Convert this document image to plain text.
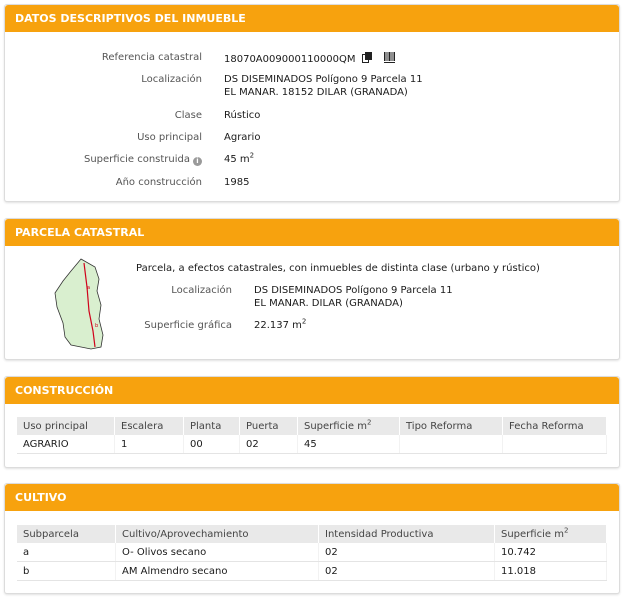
DATOS DESCRIPTIVOS DEL INMUEBLE
Referencia catastral 18070A009000110000QM
Localización DS DISEMINADOS Polígono 9 Parcela 11
EL MANAR. 18152 DILAR (GRANADA)
Clase Rústico
Uso principal Agrario
Superficie construida i	45 $m^2$
Año construcción 1985
PARCELA CATASTRAL
a
b
Parcela, a efectos catastrales, con inmuebles de distinta clase (urbano y rústico)
Localización DS DISEMINADOS Polígono 9 Parcela 11
EL MANAR. DILAR (GRANADA)
Superficie gráfica 22.137 $m^2$
CONSTRUCCIÓN
Uso principal	Escalera	Planta	Puerta	Superficie $m^2$	Tipo Reforma	Fecha Reforma
AGRARIO	1	00	02	45		
CULTIVO
Subparcela	Cultivo/Aprovechamiento	Intensidad Productiva	Superficie $m^2$
a	O- Olivos secano	02	10.742
b	AM Almendro secano	02	11.018
